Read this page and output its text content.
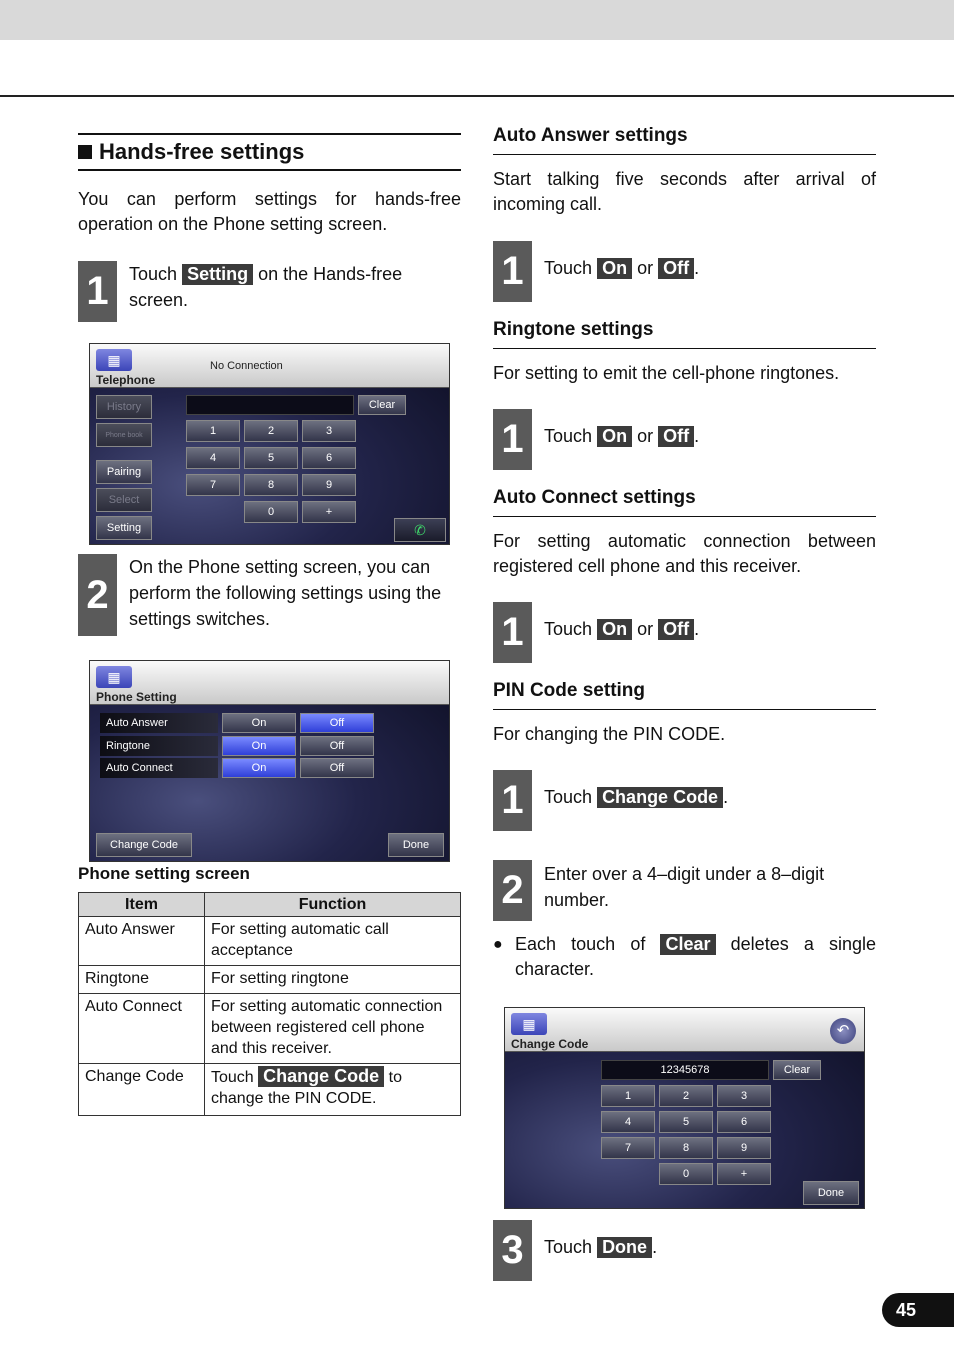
Hands-free settings

You can perform settings for hands-free operation on the Phone setting screen.

1	Touch Setting on the Hands-free screen.
▦
Telephone
No Connection
History
Phone book
Pairing
Select
Setting
Clear
1	2	3
4	5	6
7	8	9
0	+
✆
2
On the Phone setting screen, you can perform the following settings using the settings switches.
▦
Phone Setting
Auto Answer	On	Off
Ringtone	On	Off
Auto Connect	On	Off
Change Code	Done
Phone setting screen
Item	Function
Auto Answer	For setting automatic call acceptance
Ringtone	For setting ringtone
Auto Connect	For setting automatic connection between registered cell phone and this receiver.
Change Code	Touch Change Code to change the PIN CODE.
Auto Answer settings

Start talking five seconds after arrival of incoming call.

1	Touch On or Off .
Ringtone settings

For setting to emit the cell-phone ringtones.

1	Touch On or Off .
Auto Connect settings

For setting automatic connection between registered cell phone and this receiver.

1	Touch On or Off .
PIN Code setting

For changing the PIN CODE.

1	Touch Change Code .
2	Enter over a 4–digit under a 8–digit number.
● Each touch of Clear deletes a single character.
▦
Change Code
↶
12345678	Clear
1	2	3
4	5	6
7	8	9
0	+
Done
3	Touch Done .
45
